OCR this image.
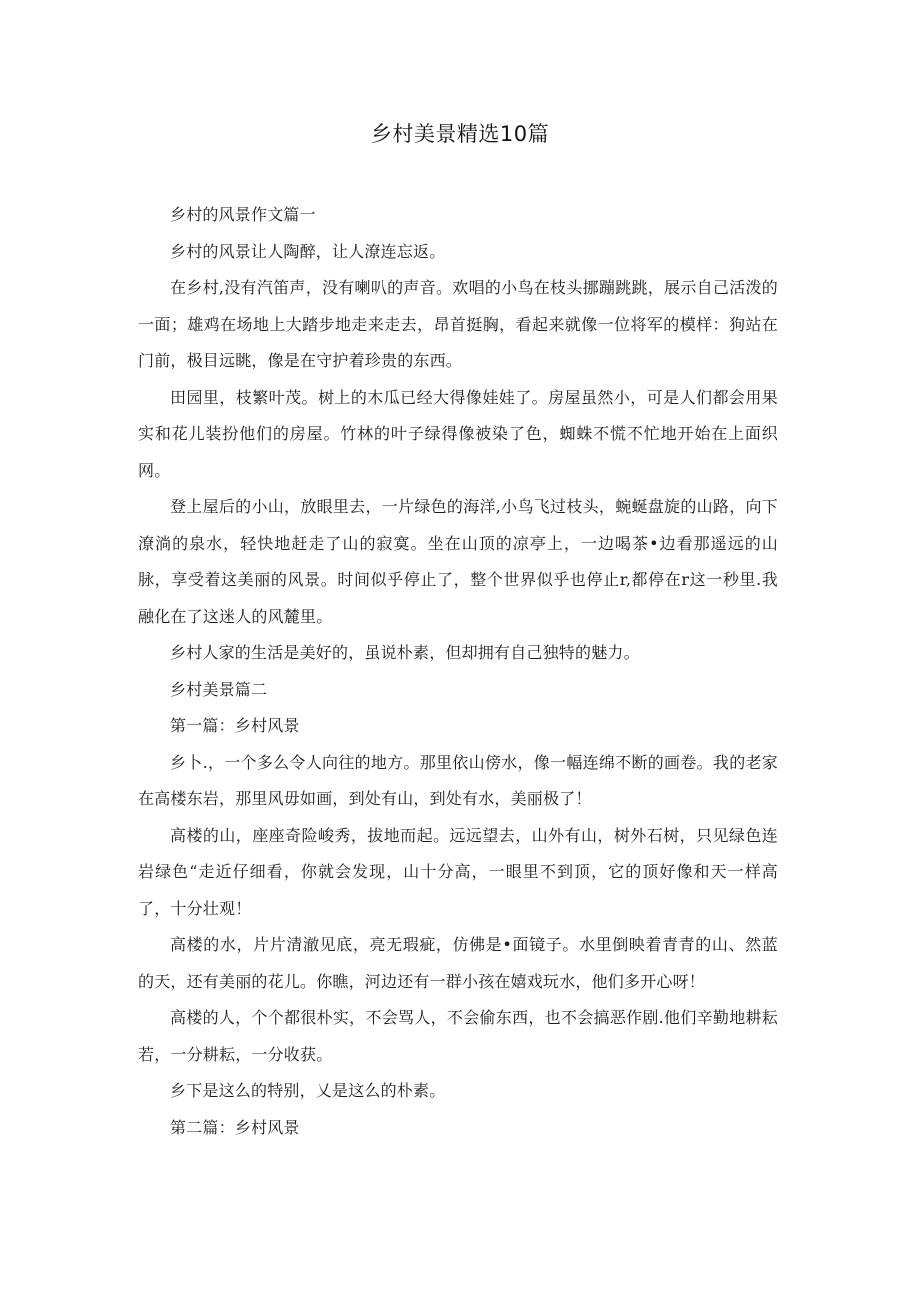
乡村美景精选10篇

乡村的风景作文篇一

乡村的风景让人陶醉，让人潦连忘返。

在乡村,没有汽笛声，没有喇叭的声音。欢唱的小鸟在枝头挪蹦跳跳，展示自己活泼的一面；雄鸡在场地上大踏步地走来走去，昂首挺胸，看起来就像一位将军的模样：狗站在门前，极目远眺，像是在守护着珍贵的东西。

田园里，枝繁叶茂。树上的木瓜已经大得像娃娃了。房屋虽然小，可是人们都会用果实和花儿装扮他们的房屋。竹林的叶子绿得像被染了色，蜘蛛不慌不忙地开始在上面织网。

登上屋后的小山，放眼里去，一片绿色的海洋,小鸟飞过枝头，蜿蜒盘旋的山路，向下潦淌的泉水，轻快地赶走了山的寂寞。坐在山顶的凉亭上，一边喝茶•边看那遥远的山脉，享受着这美丽的风景。时间似乎停止了，整个世界似乎也停止r,都停在r这一秒里.我融化在了这迷人的风麓里。

乡村人家的生活是美好的，虽说朴素，但却拥有自己独特的魅力。

乡村美景篇二

第一篇：乡村风景

乡卜.，一个多么令人向往的地方。那里依山傍水，像一幅连绵不断的画卷。我的老家在高楼东岩，那里风毋如画，到处有山，到处有水，美丽极了！

高楼的山，座座奇险峻秀，拔地而起。远远望去，山外有山，树外石树，只见绿色连岩绿色“走近仔细看，你就会发现，山十分高，一眼里不到顶，它的顶好像和天一样高了，十分壮观！

高楼的水，片片清澈见底，亮无瑕疵，仿佛是•面镜子。水里倒映着青青的山、然蓝的天，还有美丽的花儿。你瞧，河边还有一群小孩在嬉戏玩水，他们多开心呀！

高楼的人，个个都很朴实，不会骂人，不会偷东西，也不会搞恶作剧.他们辛勤地耕耘若，一分耕耘，一分收获。

乡下是这么的特别，乂是这么的朴素。

第二篇：乡村风景
